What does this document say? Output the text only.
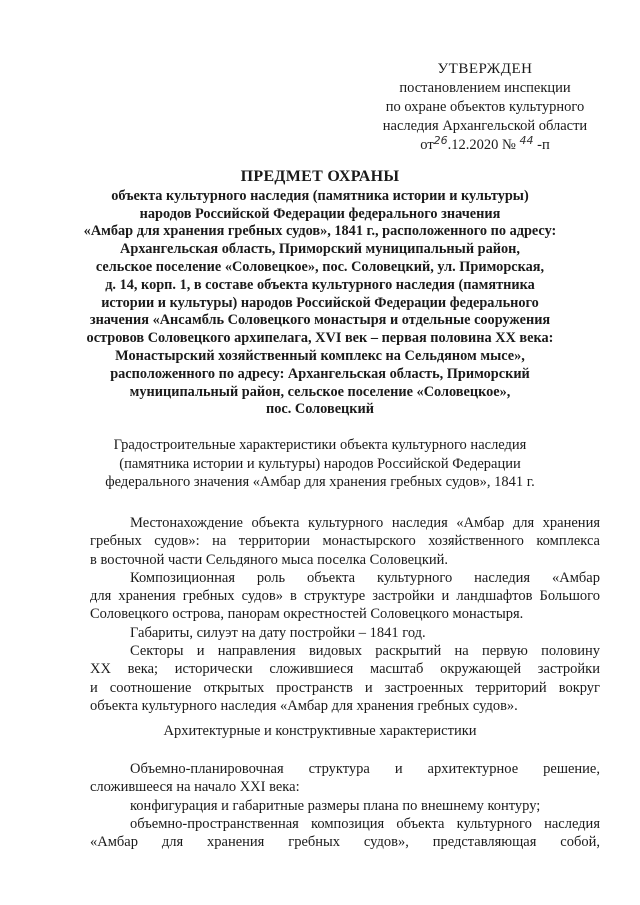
УТВЕРЖДЕН
постановлением инспекции
по охране объектов культурного
наследия Архангельской области
$от^{26}.12.2020$ № $^{44}$ -п
ПРЕДМЕТ ОХРАНЫ
объекта культурного наследия (памятника истории и культуры)
народов Российской Федерации федерального значения
«Амбар для хранения гребных судов», 1841 г., расположенного по адресу:
Архангельская область, Приморский муниципальный район,
сельское поселение «Соловецкое», пос. Соловецкий, ул. Приморская,
д. 14, корп. 1, в составе объекта культурного наследия (памятника
истории и культуры) народов Российской Федерации федерального
значения «Ансамбль Соловецкого монастыря и отдельные сооружения
островов Соловецкого архипелага, XVI век – первая половина XX века:
Монастырский хозяйственный комплекс на Сельдяном мысе»,
расположенного по адресу: Архангельская область, Приморский
муниципальный район, сельское поселение «Соловецкое»,
пос. Соловецкий
Градостроительные характеристики объекта культурного наследия
(памятника истории и культуры) народов Российской Федерации
федерального значения «Амбар для хранения гребных судов», 1841 г.
Местонахождение объекта культурного наследия «Амбар для хранения
гребных судов»: на территории монастырского хозяйственного комплекса
в восточной части Сельдяного мыса поселка Соловецкий.
Композиционная роль объекта культурного наследия «Амбар
для хранения гребных судов» в структуре застройки и ландшафтов Большого
Соловецкого острова, панорам окрестностей Соловецкого монастыря.
Габариты, силуэт на дату постройки – 1841 год.
Секторы и направления видовых раскрытий на первую половину
XX века; исторически сложившиеся масштаб окружающей застройки
и соотношение открытых пространств и застроенных территорий вокруг
объекта культурного наследия «Амбар для хранения гребных судов».
Архитектурные и конструктивные характеристики
Объемно-планировочная структура и архитектурное решение,
сложившееся на начало XXI века:
конфигурация и габаритные размеры плана по внешнему контуру;
объемно-пространственная композиция объекта культурного наследия
«Амбар для хранения гребных судов», представляющая собой,
